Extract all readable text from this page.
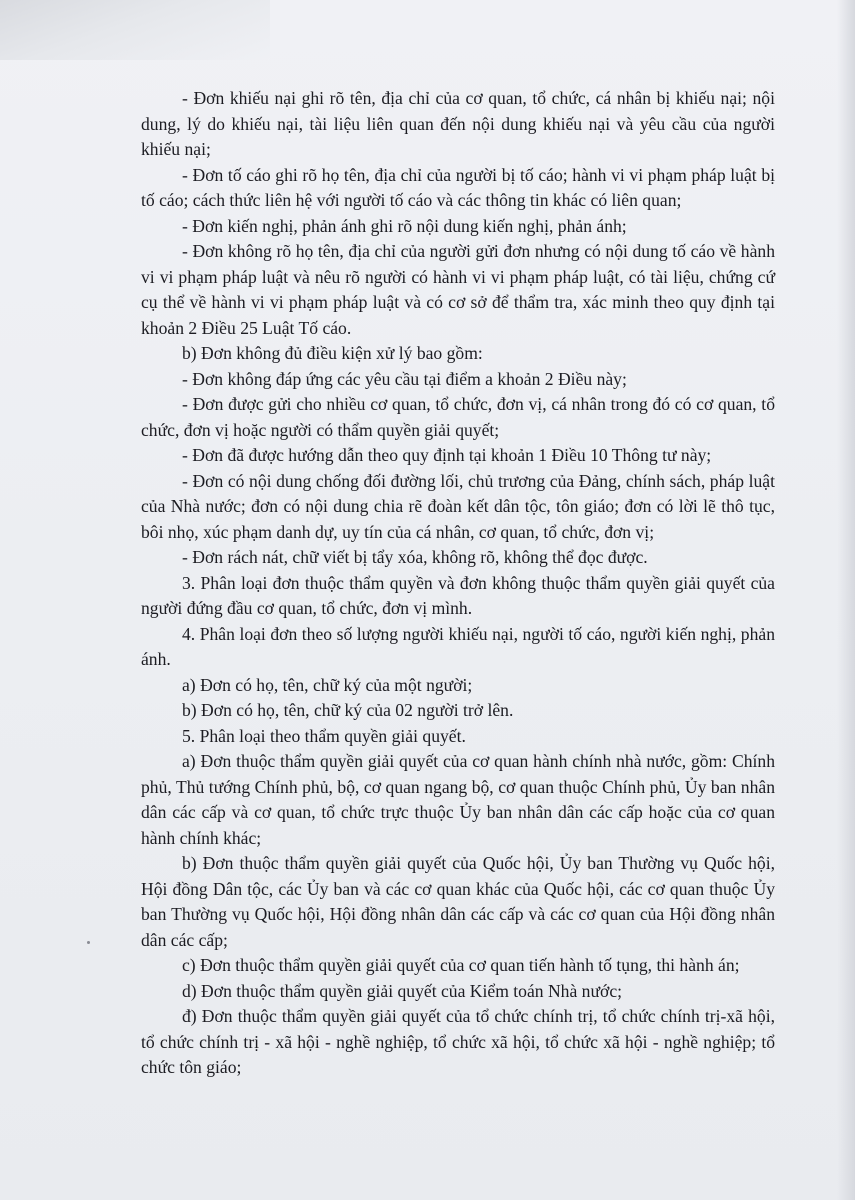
- Đơn khiếu nại ghi rõ tên, địa chỉ của cơ quan, tổ chức, cá nhân bị khiếu nại; nội dung, lý do khiếu nại, tài liệu liên quan đến nội dung khiếu nại và yêu cầu của người khiếu nại;

- Đơn tố cáo ghi rõ họ tên, địa chỉ của người bị tố cáo; hành vi vi phạm pháp luật bị tố cáo; cách thức liên hệ với người tố cáo và các thông tin khác có liên quan;

- Đơn kiến nghị, phản ánh ghi rõ nội dung kiến nghị, phản ánh;

- Đơn không rõ họ tên, địa chỉ của người gửi đơn nhưng có nội dung tố cáo về hành vi vi phạm pháp luật và nêu rõ người có hành vi vi phạm pháp luật, có tài liệu, chứng cứ cụ thể về hành vi vi phạm pháp luật và có cơ sở để thẩm tra, xác minh theo quy định tại khoản 2 Điều 25 Luật Tố cáo.

b) Đơn không đủ điều kiện xử lý bao gồm:

- Đơn không đáp ứng các yêu cầu tại điểm a khoản 2 Điều này;

- Đơn được gửi cho nhiều cơ quan, tổ chức, đơn vị, cá nhân trong đó có cơ quan, tổ chức, đơn vị hoặc người có thẩm quyền giải quyết;

- Đơn đã được hướng dẫn theo quy định tại khoản 1 Điều 10 Thông tư này;

- Đơn có nội dung chống đối đường lối, chủ trương của Đảng, chính sách, pháp luật của Nhà nước; đơn có nội dung chia rẽ đoàn kết dân tộc, tôn giáo; đơn có lời lẽ thô tục, bôi nhọ, xúc phạm danh dự, uy tín của cá nhân, cơ quan, tổ chức, đơn vị;

- Đơn rách nát, chữ viết bị tẩy xóa, không rõ, không thể đọc được.

3. Phân loại đơn thuộc thẩm quyền và đơn không thuộc thẩm quyền giải quyết của người đứng đầu cơ quan, tổ chức, đơn vị mình.

4. Phân loại đơn theo số lượng người khiếu nại, người tố cáo, người kiến nghị, phản ánh.

a) Đơn có họ, tên, chữ ký của một người;

b) Đơn có họ, tên, chữ ký của 02 người trở lên.

5. Phân loại theo thẩm quyền giải quyết.

a) Đơn thuộc thẩm quyền giải quyết của cơ quan hành chính nhà nước, gồm: Chính phủ, Thủ tướng Chính phủ, bộ, cơ quan ngang bộ, cơ quan thuộc Chính phủ, Ủy ban nhân dân các cấp và cơ quan, tổ chức trực thuộc Ủy ban nhân dân các cấp hoặc của cơ quan hành chính khác;

b) Đơn thuộc thẩm quyền giải quyết của Quốc hội, Ủy ban Thường vụ Quốc hội, Hội đồng Dân tộc, các Ủy ban và các cơ quan khác của Quốc hội, các cơ quan thuộc Ủy ban Thường vụ Quốc hội, Hội đồng nhân dân các cấp và các cơ quan của Hội đồng nhân dân các cấp;

c) Đơn thuộc thẩm quyền giải quyết của cơ quan tiến hành tố tụng, thi hành án;

d) Đơn thuộc thẩm quyền giải quyết của Kiểm toán Nhà nước;

đ) Đơn thuộc thẩm quyền giải quyết của tổ chức chính trị, tổ chức chính trị-xã hội, tổ chức chính trị - xã hội - nghề nghiệp, tổ chức xã hội, tổ chức xã hội - nghề nghiệp; tổ chức tôn giáo;
